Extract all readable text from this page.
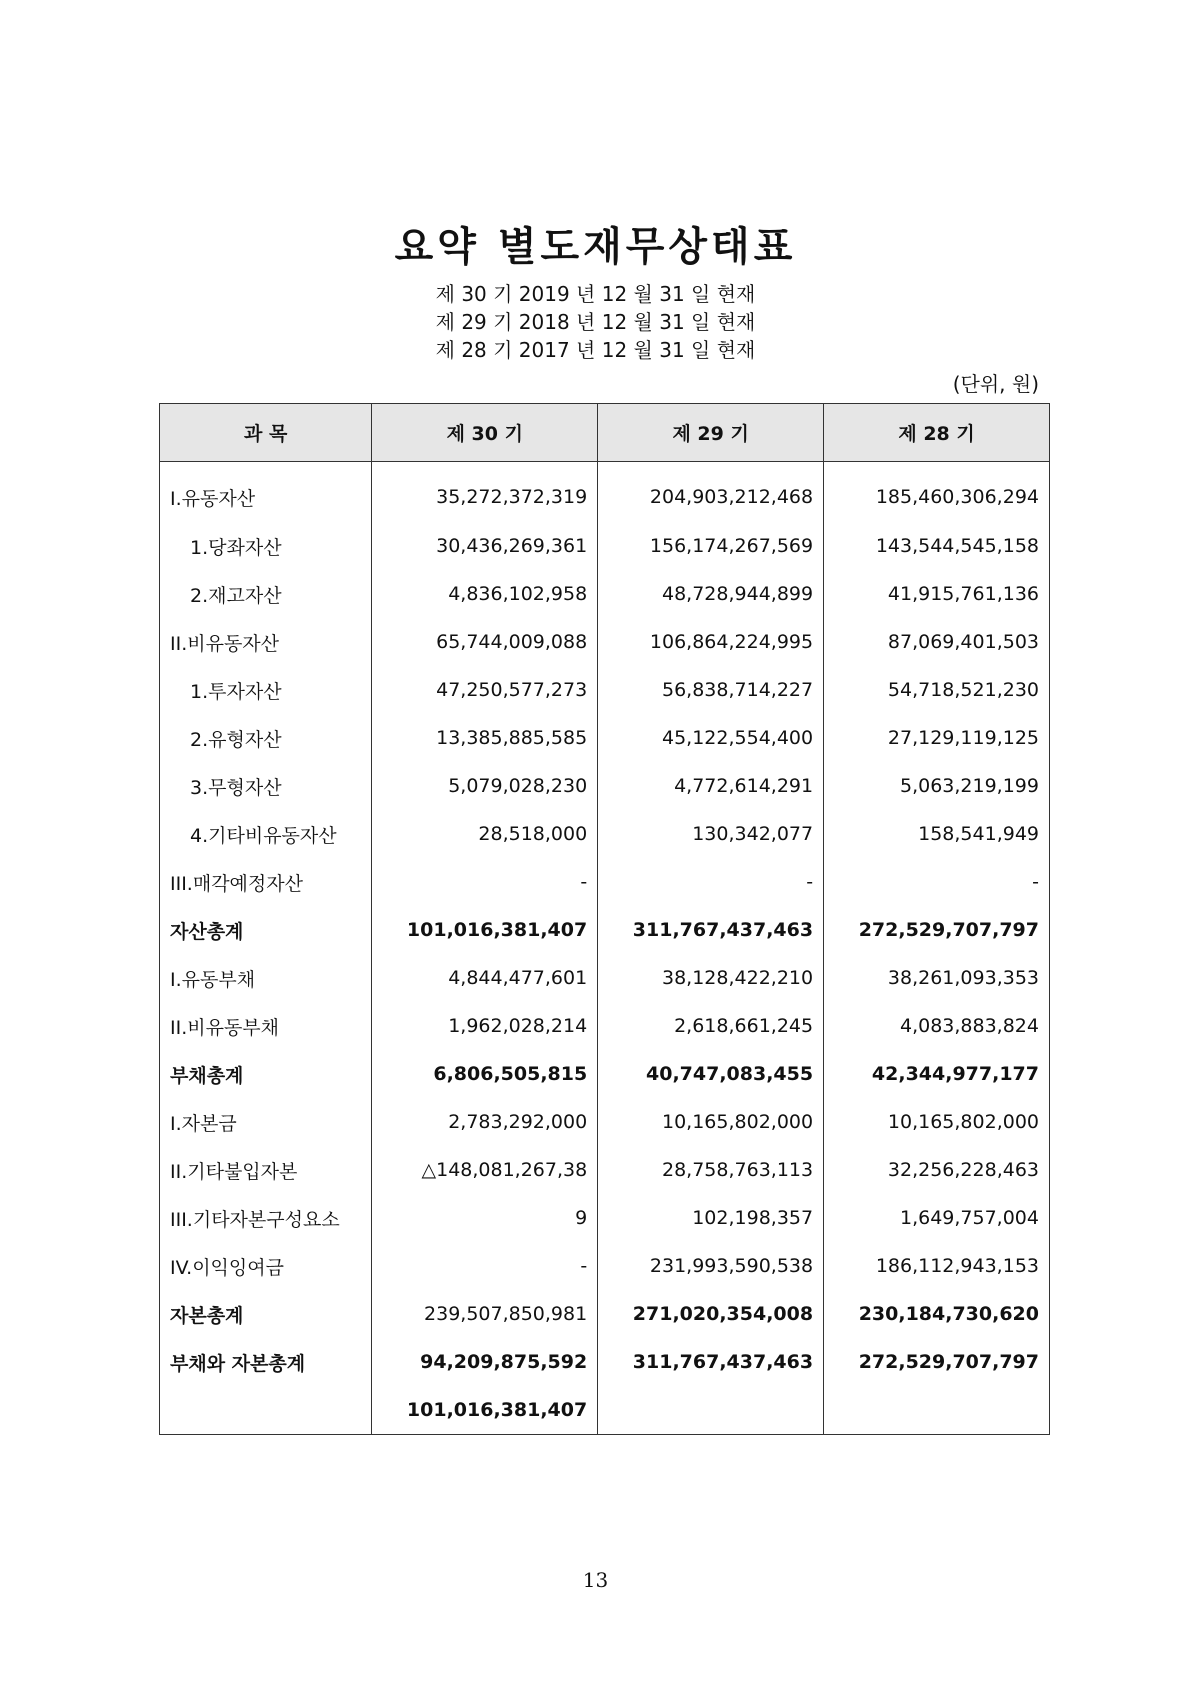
요약 별도재무상태표
제 30 기 2019 년 12 월 31 일 현재
제 29 기 2018 년 12 월 31 일 현재
제 28 기 2017 년 12 월 31 일 현재
(단위, 원)
과 목	제 30 기	제 29 기	제 28 기
I.유동자산	35,272,372,319	204,903,212,468	185,460,306,294
1.당좌자산	30,436,269,361	156,174,267,569	143,544,545,158
2.재고자산	4,836,102,958	48,728,944,899	41,915,761,136
II.비유동자산	65,744,009,088	106,864,224,995	87,069,401,503
1.투자자산	47,250,577,273	56,838,714,227	54,718,521,230
2.유형자산	13,385,885,585	45,122,554,400	27,129,119,125
3.무형자산	5,079,028,230	4,772,614,291	5,063,219,199
4.기타비유동자산	28,518,000	130,342,077	158,541,949
III.매각예정자산	-	-	-
자산총계	101,016,381,407	311,767,437,463	272,529,707,797
I.유동부채	4,844,477,601	38,128,422,210	38,261,093,353
II.비유동부채	1,962,028,214	2,618,661,245	4,083,883,824
부채총계	6,806,505,815	40,747,083,455	42,344,977,177
I.자본금	2,783,292,000	10,165,802,000	10,165,802,000
II.기타불입자본	△148,081,267,38	28,758,763,113	32,256,228,463
III.기타자본구성요소	9	102,198,357	1,649,757,004
IV.이익잉여금	-	231,993,590,538	186,112,943,153
자본총계	239,507,850,981	271,020,354,008	230,184,730,620
부채와 자본총계	94,209,875,592	311,767,437,463	272,529,707,797
	101,016,381,407		
13
